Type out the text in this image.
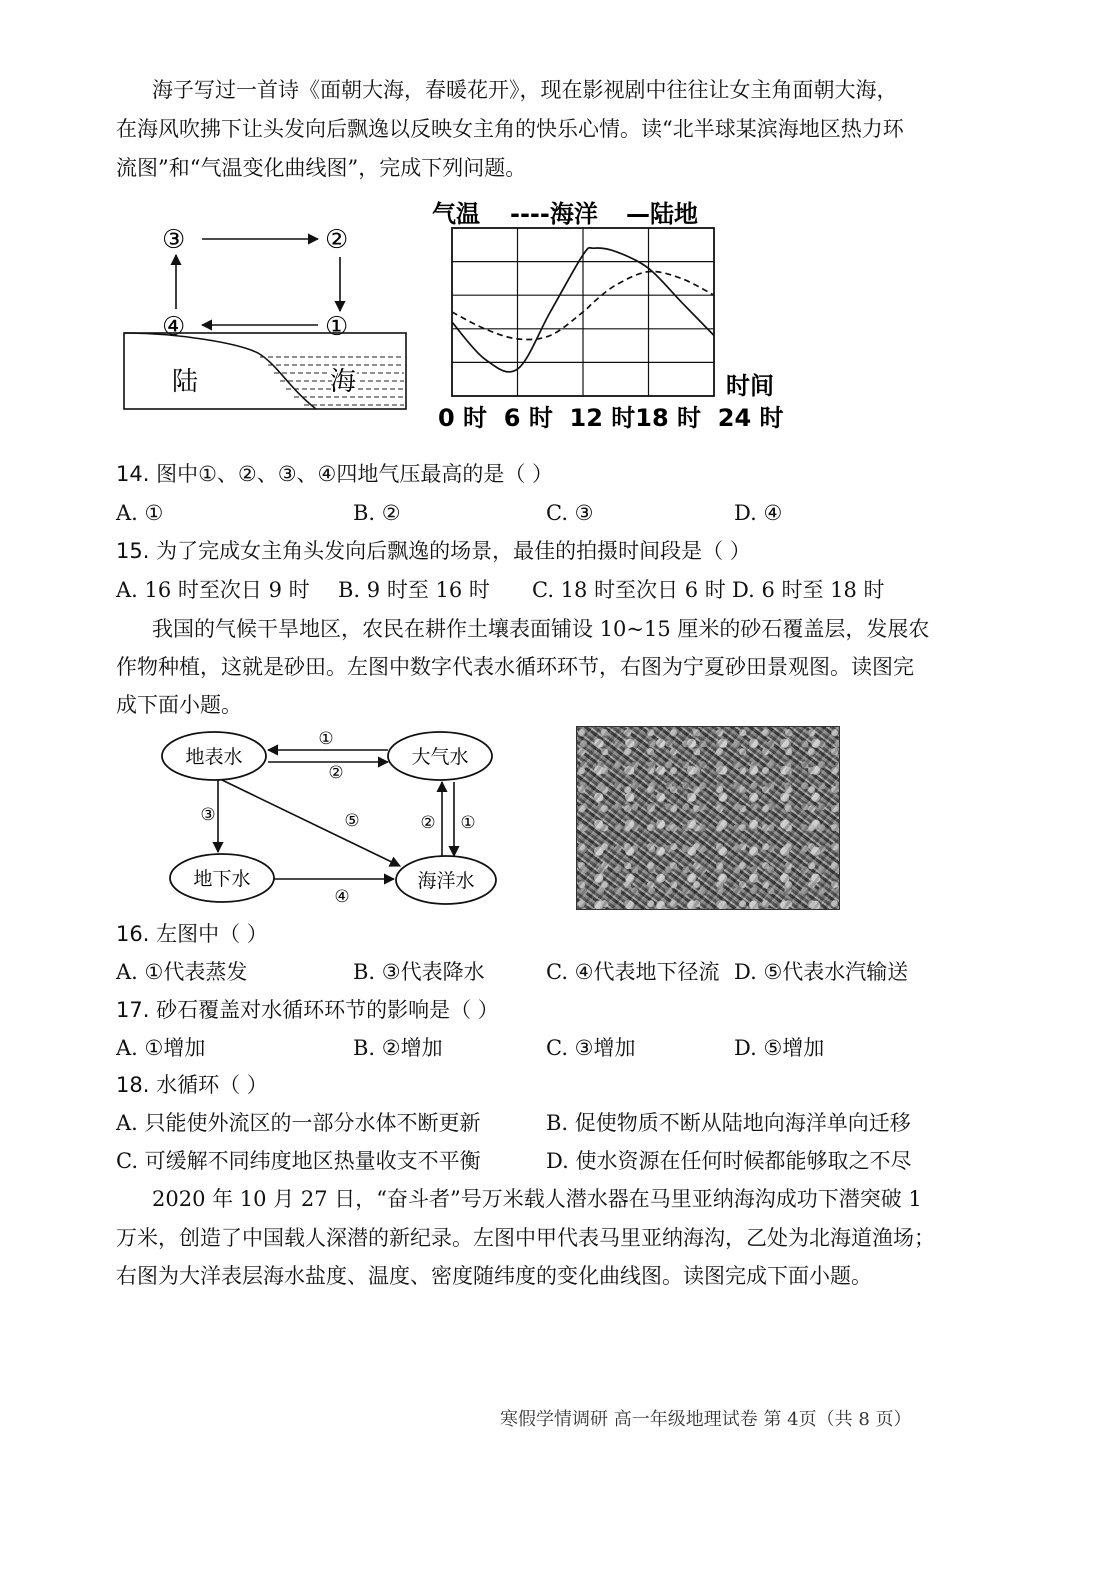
海子写过一首诗《面朝大海，春暖花开》，现在影视剧中往往让女主角面朝大海，
在海风吹拂下让头发向后飘逸以反映女主角的快乐心情。读“北半球某滨海地区热力环
流图”和“气温变化曲线图”，完成下列问题。
③	②
④	①
陆	海
气温 ----海洋 —陆地
时间
0 时  6 时  12 时18 时  24 时
14. 图中①、②、③、④四地气压最高的是（ ）
A. ①	B. ②	C. ③	D. ④
15. 为了完成女主角头发向后飘逸的场景，最佳的拍摄时间段是（ ）
A. 16 时至次日 9 时 B. 9 时至 16 时 C. 18 时至次日 6 时 D. 6 时至 18 时
我国的气候干旱地区，农民在耕作土壤表面铺设 10~15 厘米的砂石覆盖层，发展农
作物种植，这就是砂田。左图中数字代表水循环环节，右图为宁夏砂田景观图。读图完
成下面小题。
地表水	大气水
地下水	海洋水
①
②
③
④
⑤	② ①
16. 左图中（ ）
A. ①代表蒸发	B. ③代表降水	C. ④代表地下径流 D. ⑤代表水汽输送
17. 砂石覆盖对水循环环节的影响是（ ）
A. ①增加	B. ②增加	C. ③增加	D. ⑤增加
18. 水循环（ ）
A. 只能使外流区的一部分水体不断更新	B. 促使物质不断从陆地向海洋单向迁移
C. 可缓解不同纬度地区热量收支不平衡	D. 使水资源在任何时候都能够取之不尽
2020 年 10 月 27 日，“奋斗者”号万米载人潜水器在马里亚纳海沟成功下潜突破 1
万米，创造了中国载人深潜的新纪录。左图中甲代表马里亚纳海沟，乙处为北海道渔场；
右图为大洋表层海水盐度、温度、密度随纬度的变化曲线图。读图完成下面小题。
寒假学情调研 高一年级地理试卷 第 4页（共 8 页）
